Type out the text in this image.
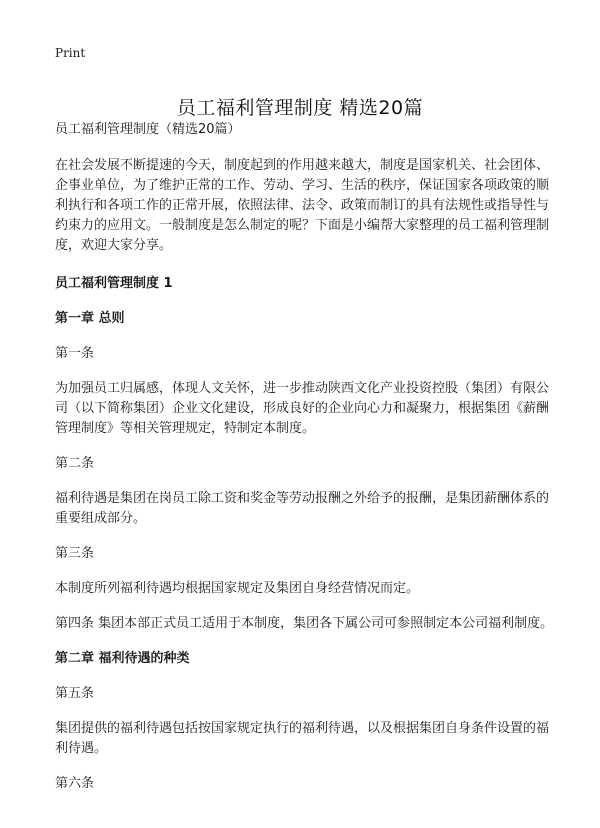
Print
员工福利管理制度 精选20篇

员工福利管理制度（精选20篇）

在社会发展不断提速的今天，制度起到的作用越来越大，制度是国家机关、社会团体、企事业单位，为了维护正常的工作、劳动、学习、生活的秩序，保证国家各项政策的顺利执行和各项工作的正常开展，依照法律、法令、政策而制订的具有法规性或指导性与约束力的应用文。一般制度是怎么制定的呢？下面是小编帮大家整理的员工福利管理制度，欢迎大家分享。

员工福利管理制度 1

第一章 总则

第一条

为加强员工归属感，体现人文关怀，进一步推动陕西文化产业投资控股（集团）有限公司（以下简称集团）企业文化建设，形成良好的企业向心力和凝聚力，根据集团《薪酬管理制度》等相关管理规定，特制定本制度。

第二条

福利待遇是集团在岗员工除工资和奖金等劳动报酬之外给予的报酬，是集团薪酬体系的重要组成部分。

第三条

本制度所列福利待遇均根据国家规定及集团自身经营情况而定。

第四条 集团本部正式员工适用于本制度，集团各下属公司可参照制定本公司福利制度。

第二章 福利待遇的种类

第五条

集团提供的福利待遇包括按国家规定执行的福利待遇，以及根据集团自身条件设置的福利待遇。

第六条
